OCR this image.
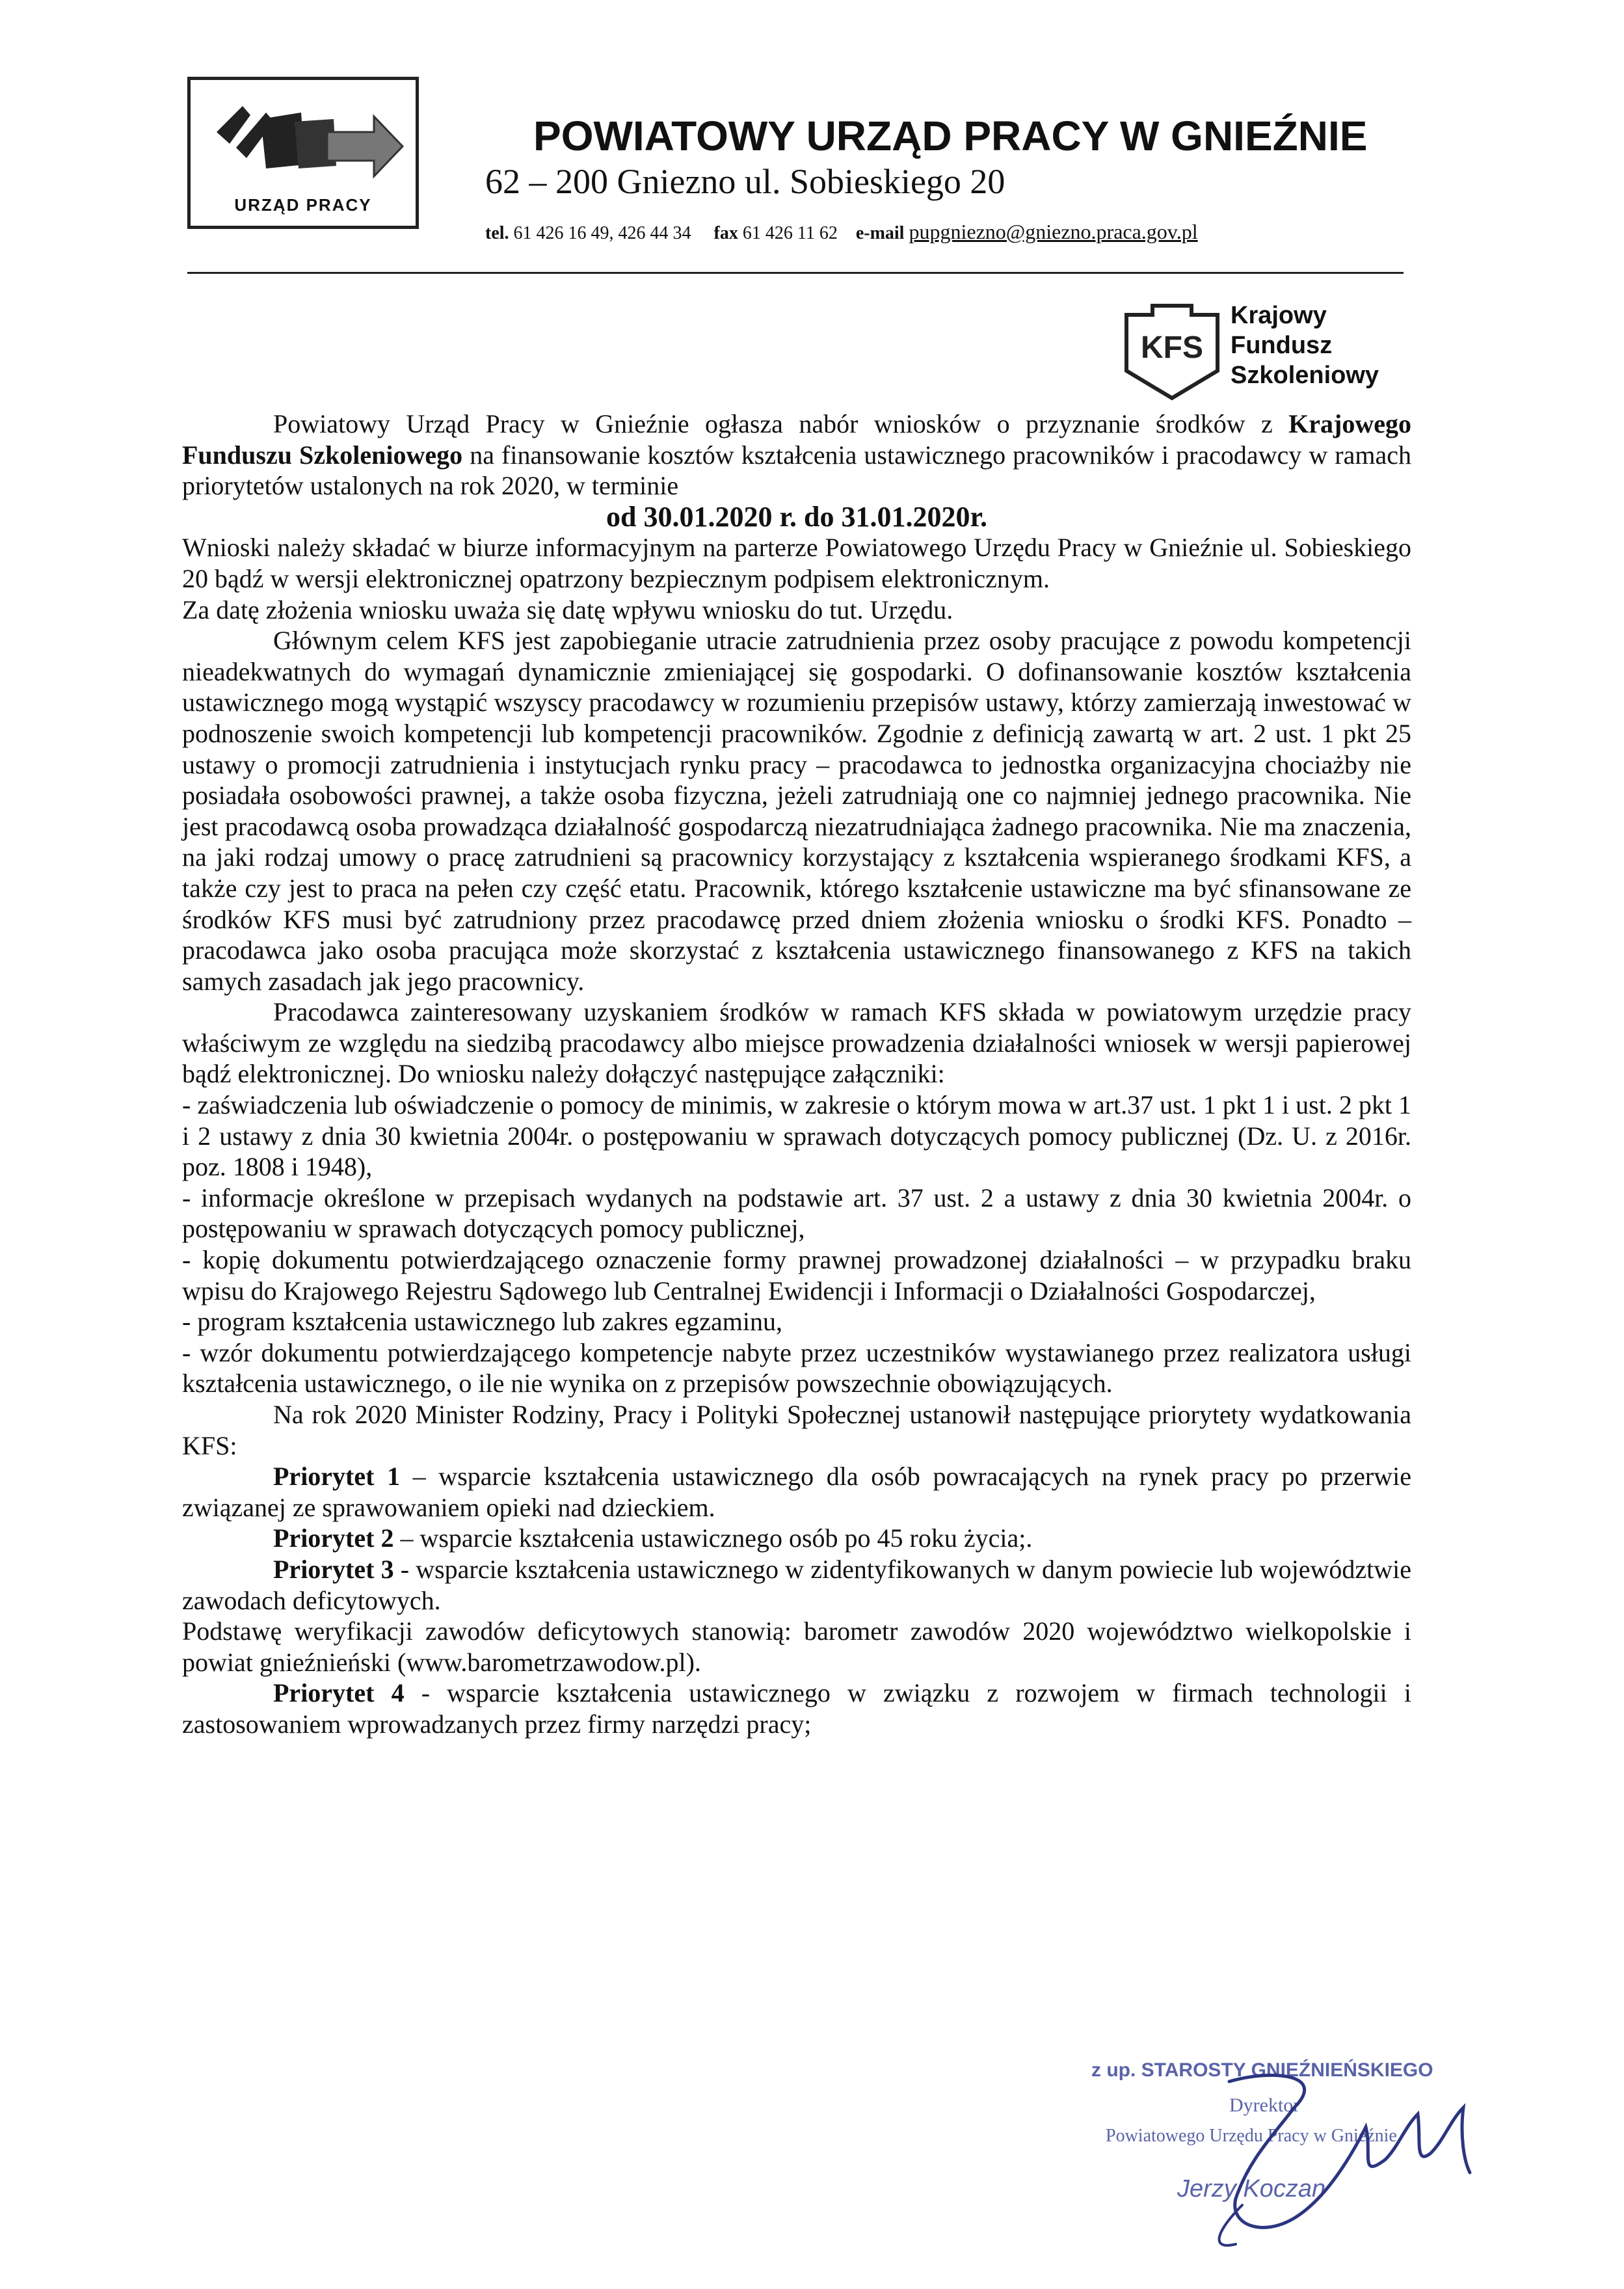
URZĄD PRACY
POWIATOWY URZĄD PRACY W GNIEŹNIE
62 – 200 Gniezno ul. Sobieskiego 20
tel. 61 426 16 49, 426 44 34 fax 61 426 11 62 e-mail pupgniezno@gniezno.praca.gov.pl
KFS
Krajowy
Fundusz
Szkoleniowy

Powiatowy Urząd Pracy w Gnieźnie ogłasza nabór wniosków o przyznanie środków z Krajowego Funduszu Szkoleniowego na finansowanie kosztów kształcenia ustawicznego pracowników i pracodawcy w ramach priorytetów ustalonych na rok 2020, w terminie

od 30.01.2020 r. do 31.01.2020r.

Wnioski należy składać w biurze informacyjnym na parterze Powiatowego Urzędu Pracy w Gnieźnie ul. Sobieskiego 20 bądź w wersji elektronicznej opatrzony bezpiecznym podpisem elektronicznym.

Za datę złożenia wniosku uważa się datę wpływu wniosku do tut. Urzędu.

Głównym celem KFS jest zapobieganie utracie zatrudnienia przez osoby pracujące z powodu kompetencji nieadekwatnych do wymagań dynamicznie zmieniającej się gospodarki. O dofinansowanie kosztów kształcenia ustawicznego mogą wystąpić wszyscy pracodawcy w rozumieniu przepisów ustawy, którzy zamierzają inwestować w podnoszenie swoich kompetencji lub kompetencji pracowników. Zgodnie z definicją zawartą w art. 2 ust. 1 pkt 25 ustawy o promocji zatrudnienia i instytucjach rynku pracy – pracodawca to jednostka organizacyjna chociażby nie posiadała osobowości prawnej, a także osoba fizyczna, jeżeli zatrudniają one co najmniej jednego pracownika. Nie jest pracodawcą osoba prowadząca działalność gospodarczą niezatrudniająca żadnego pracownika. Nie ma znaczenia, na jaki rodzaj umowy o pracę zatrudnieni są pracownicy korzystający z kształcenia wspieranego środkami KFS, a także czy jest to praca na pełen czy część etatu. Pracownik, którego kształcenie ustawiczne ma być sfinansowane ze środków KFS musi być zatrudniony przez pracodawcę przed dniem złożenia wniosku o środki KFS. Ponadto – pracodawca jako osoba pracująca może skorzystać z kształcenia ustawicznego finansowanego z KFS na takich samych zasadach jak jego pracownicy.

Pracodawca zainteresowany uzyskaniem środków w ramach KFS składa w powiatowym urzędzie pracy właściwym ze względu na siedzibą pracodawcy albo miejsce prowadzenia działalności wniosek w wersji papierowej bądź elektronicznej. Do wniosku należy dołączyć następujące załączniki:

- zaświadczenia lub oświadczenie o pomocy de minimis, w zakresie o którym mowa w art.37 ust. 1 pkt 1 i ust. 2 pkt 1 i 2 ustawy z dnia 30 kwietnia 2004r. o postępowaniu w sprawach dotyczących pomocy publicznej (Dz. U. z 2016r. poz. 1808 i 1948),

- informacje określone w przepisach wydanych na podstawie art. 37 ust. 2 a ustawy z dnia 30 kwietnia 2004r. o postępowaniu w sprawach dotyczących pomocy publicznej,

- kopię dokumentu potwierdzającego oznaczenie formy prawnej prowadzonej działalności – w przypadku braku wpisu do Krajowego Rejestru Sądowego lub Centralnej Ewidencji i Informacji o Działalności Gospodarczej,

- program kształcenia ustawicznego lub zakres egzaminu,

- wzór dokumentu potwierdzającego kompetencje nabyte przez uczestników wystawianego przez realizatora usługi kształcenia ustawicznego, o ile nie wynika on z przepisów powszechnie obowiązujących.

Na rok 2020 Minister Rodziny, Pracy i Polityki Społecznej ustanowił następujące priorytety wydatkowania KFS:

Priorytet 1 – wsparcie kształcenia ustawicznego dla osób powracających na rynek pracy po przerwie związanej ze sprawowaniem opieki nad dzieckiem.

Priorytet 2 – wsparcie kształcenia ustawicznego osób po 45 roku życia;.

Priorytet 3 - wsparcie kształcenia ustawicznego w zidentyfikowanych w danym powiecie lub województwie zawodach deficytowych.

Podstawę weryfikacji zawodów deficytowych stanowią: barometr zawodów 2020 województwo wielkopolskie i powiat gnieźnieński (www.barometrzawodow.pl).

Priorytet 4 - wsparcie kształcenia ustawicznego w związku z rozwojem w firmach technologii i zastosowaniem wprowadzanych przez firmy narzędzi pracy;

z up. STAROSTY GNIEŹNIEŃSKIEGO
Dyrektor
Powiatowego Urzędu Pracy w Gnieźnie
Jerzy Koczan
